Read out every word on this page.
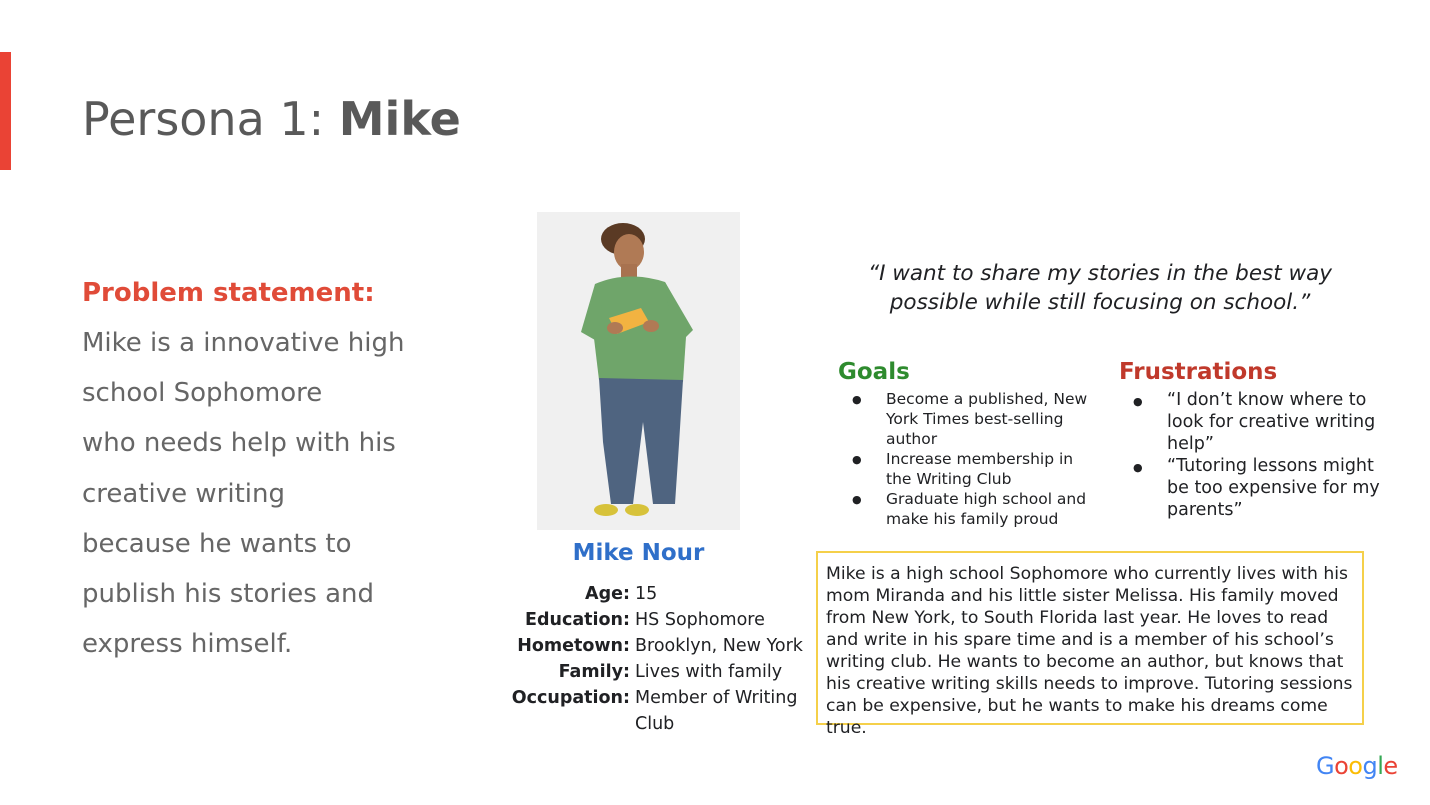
Persona 1: Mike
Problem statement:
Mike is a innovative high
school Sophomore
who needs help with his
creative writing
because he wants to
publish his stories and
express himself.
Mike Nour
Age: 15
Education: HS Sophomore
Hometown: Brooklyn, New York
Family: Lives with family
Occupation: Member of Writing Club
“I want to share my stories in the best way
possible while still focusing on school.”
Goals
● Become a published, New York Times best-selling author
● Increase membership in the Writing Club
● Graduate high school and make his family proud
Frustrations
● “I don’t know where to look for creative writing help”
● “Tutoring lessons might be too expensive for my parents”
Mike is a high school Sophomore who currently lives with his mom Miranda and his little sister Melissa. His family moved from New York, to South Florida last year. He loves to read and write in his spare time and is a member of his school’s writing club. He wants to become an author, but knows that his creative writing skills needs to improve. Tutoring sessions can be expensive, but he wants to make his dreams come true.
Google
